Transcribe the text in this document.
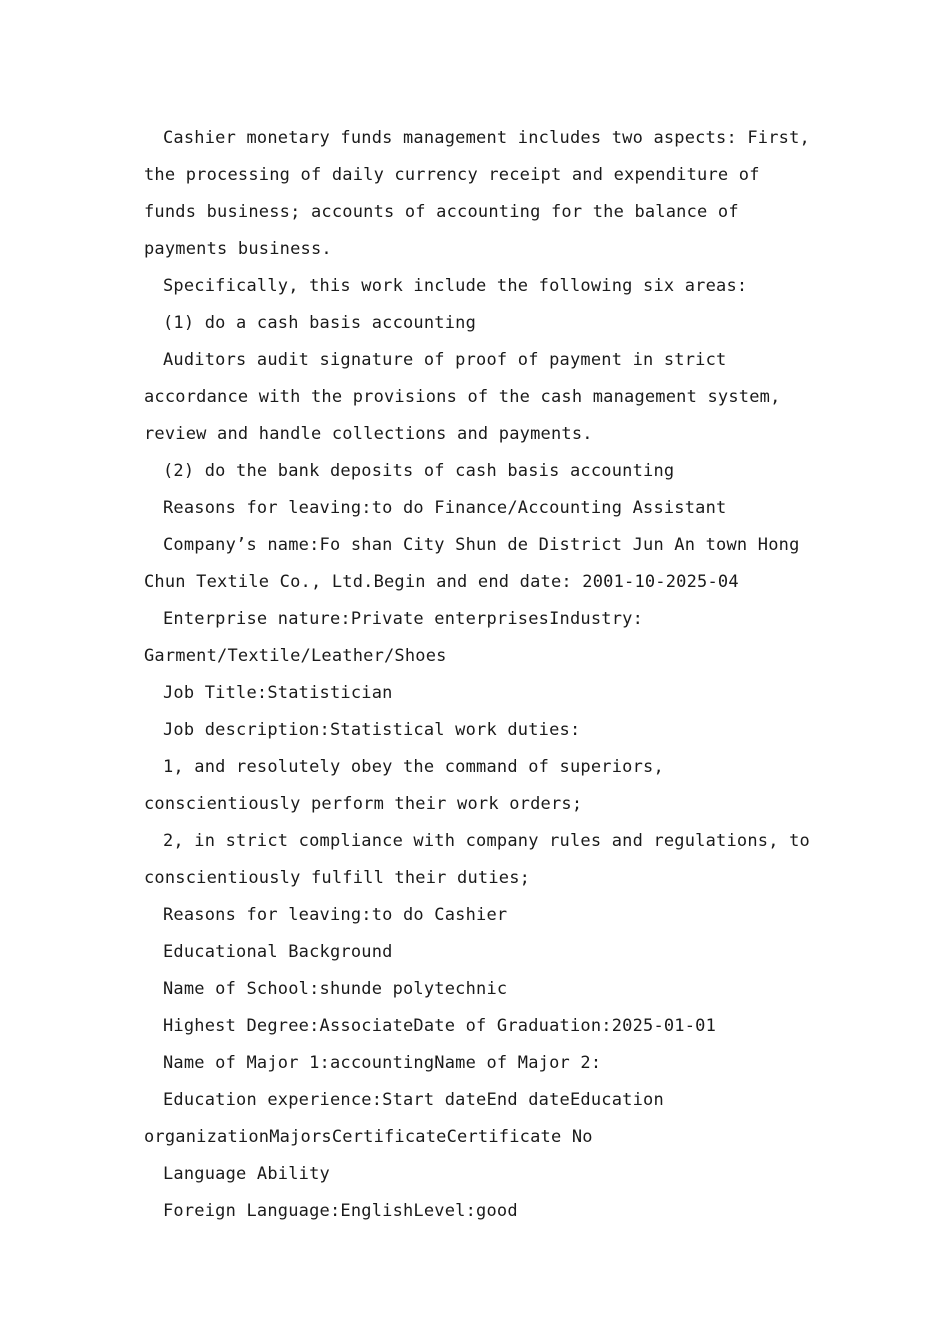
Cashier monetary funds management includes two aspects: First, the processing of daily currency receipt and expenditure of funds business; accounts of accounting for the balance of payments business.

Specifically, this work include the following six areas:

(1) do a cash basis accounting

Auditors audit signature of proof of payment in strict accordance with the provisions of the cash management system, review and handle collections and payments.

(2) do the bank deposits of cash basis accounting

Reasons for leaving:to do Finance/Accounting Assistant

Company’s name:Fo shan City Shun de District Jun An town Hong Chun Textile Co., Ltd.Begin and end date: 2001-10-2025-04

Enterprise nature:Private enterprisesIndustry: Garment/Textile/Leather/Shoes

Job Title:Statistician

Job description:Statistical work duties:

1, and resolutely obey the command of superiors, conscientiously perform their work orders;

2, in strict compliance with company rules and regulations, to conscientiously fulfill their duties;

Reasons for leaving:to do Cashier

Educational Background

Name of School:shunde polytechnic

Highest Degree:AssociateDate of Graduation:2025-01-01

Name of Major 1:accountingName of Major 2:

Education experience:Start dateEnd dateEducation organizationMajorsCertificateCertificate No

Language Ability

Foreign Language:EnglishLevel:good
